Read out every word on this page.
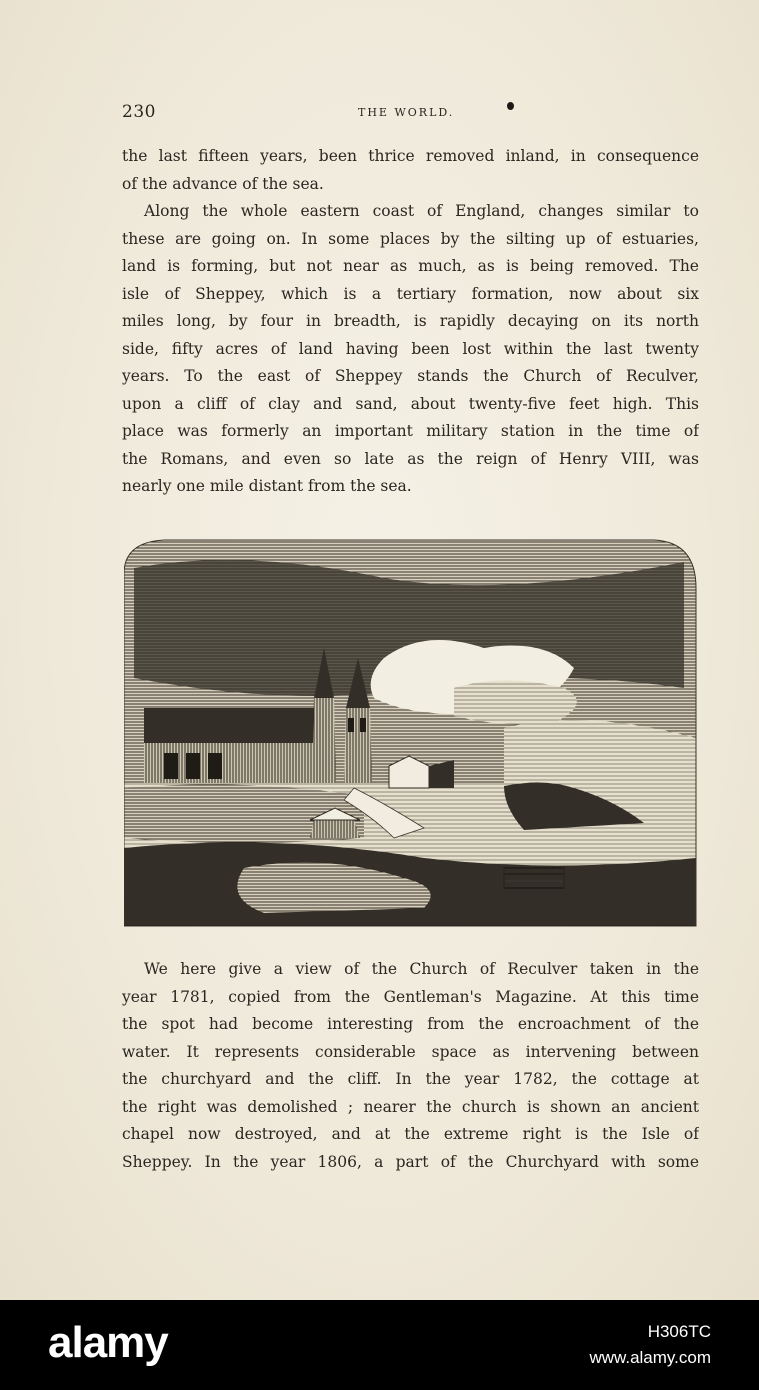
230	THE WORLD.
the last fifteen years, been thrice removed inland, in consequence
of the advance of the sea.
Along the whole eastern coast of England, changes similar to
these are going on. In some places by the silting up of estuaries,
land is forming, but not near as much, as is being removed. The
isle of Sheppey, which is a tertiary formation, now about six
miles long, by four in breadth, is rapidly decaying on its north
side, fifty acres of land having been lost within the last twenty
years. To the east of Sheppey stands the Church of Reculver,
upon a cliff of clay and sand, about twenty-five feet high. This
place was formerly an important military station in the time of
the Romans, and even so late as the reign of Henry VIII, was
nearly one mile distant from the sea.
We here give a view of the Church of Reculver taken in the
year 1781, copied from the Gentleman's Magazine. At this time
the spot had become interesting from the encroachment of the
water. It represents considerable space as intervening between
the churchyard and the cliff. In the year 1782, the cottage at
the right was demolished ; nearer the church is shown an ancient
chapel now destroyed, and at the extreme right is the Isle of
Sheppey. In the year 1806, a part of the Churchyard with some
alamy	H306TC
www.alamy.com
